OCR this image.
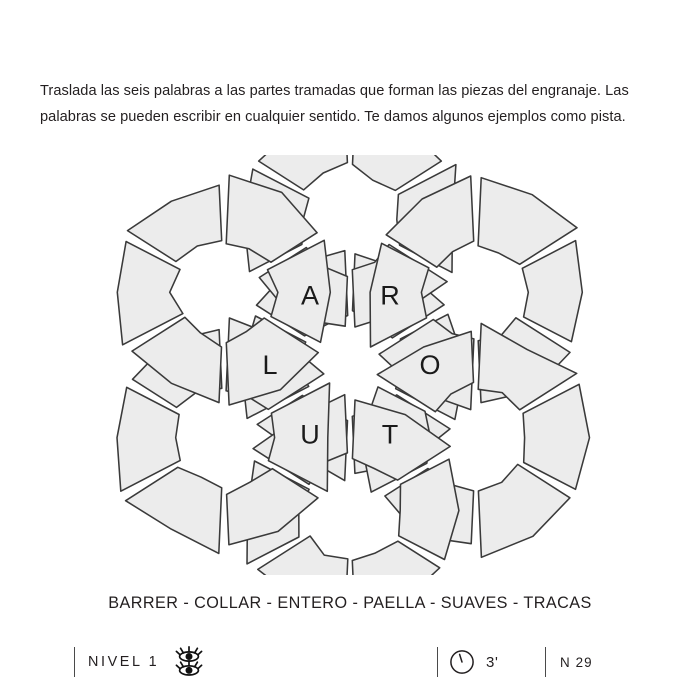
Traslada las seis palabras a las partes tramadas que forman las piezas del engranaje. Las palabras se pueden escribir en cualquier sentido. Te damos algunos ejemplos como pista.

R
O
T
U
L
A
BARRER - COLLAR - ENTERO - PAELLA - SUAVES - TRACAS
NIVEL 1	3'	N 29
